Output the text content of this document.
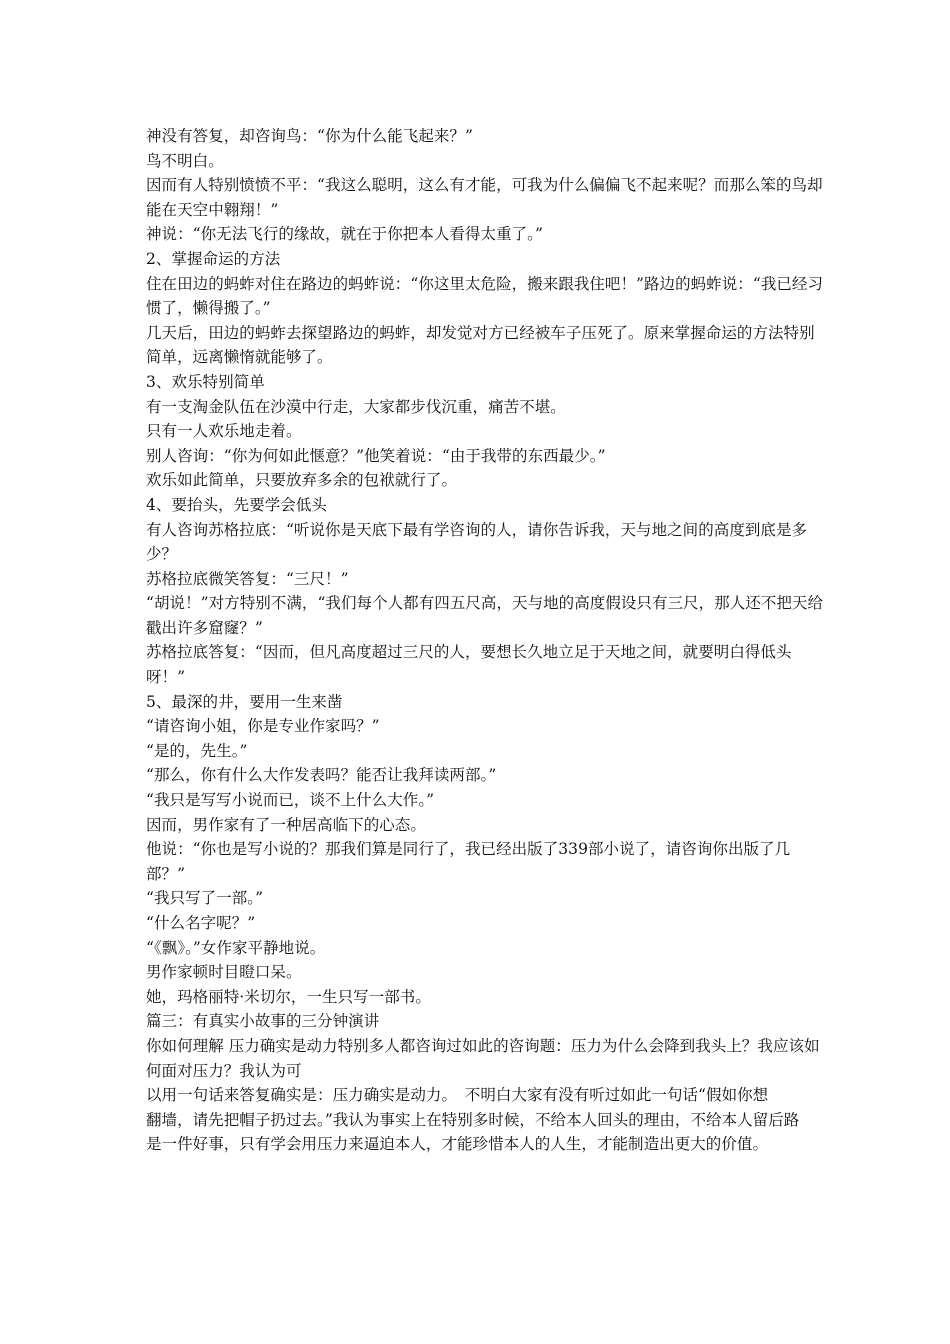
神没有答复，却咨询鸟：“你为什么能飞起来？”

鸟不明白。

因而有人特别愤愤不平：“我这么聪明，这么有才能，可我为什么偏偏飞不起来呢？而那么笨的鸟却能在天空中翱翔！”

神说：“你无法飞行的缘故，就在于你把本人看得太重了。”

2、掌握命运的方法

住在田边的蚂蚱对住在路边的蚂蚱说：“你这里太危险，搬来跟我住吧！”路边的蚂蚱说：“我已经习惯了，懒得搬了。”

几天后，田边的蚂蚱去探望路边的蚂蚱，却发觉对方已经被车子压死了。原来掌握命运的方法特别简单，远离懒惰就能够了。

3、欢乐特别简单

有一支淘金队伍在沙漠中行走，大家都步伐沉重，痛苦不堪。

只有一人欢乐地走着。

别人咨询：“你为何如此惬意？”他笑着说：“由于我带的东西最少。”

欢乐如此简单，只要放弃多余的包袱就行了。

4、要抬头，先要学会低头

有人咨询苏格拉底：“听说你是天底下最有学咨询的人，请你告诉我，天与地之间的高度到底是多少？

苏格拉底微笑答复：“三尺！”

“胡说！”对方特别不满，“我们每个人都有四五尺高，天与地的高度假设只有三尺，那人还不把天给戳出许多窟窿？”

苏格拉底答复：“因而，但凡高度超过三尺的人，要想长久地立足于天地之间，就要明白得低头呀！”

5、最深的井，要用一生来凿

“请咨询小姐，你是专业作家吗？”

“是的，先生。”

“那么，你有什么大作发表吗？能否让我拜读两部。”

“我只是写写小说而已，谈不上什么大作。”

因而，男作家有了一种居高临下的心态。

他说：“你也是写小说的？那我们算是同行了，我已经出版了339部小说了，请咨询你出版了几部？”

“我只写了一部。”

“什么名字呢？”

“《飘》。”女作家平静地说。

男作家顿时目瞪口呆。

她，玛格丽特·米切尔，一生只写一部书。

篇三：有真实小故事的三分钟演讲

你如何理解 压力确实是动力特别多人都咨询过如此的咨询题：压力为什么会降到我头上？我应该如何面对压力？我认为可

以用一句话来答复确实是：压力确实是动力。　不明白大家有没有听过如此一句话“假如你想

翻墙，请先把帽子扔过去。”我认为事实上在特别多时候，不给本人回头的理由，不给本人留后路

是一件好事，只有学会用压力来逼迫本人，才能珍惜本人的人生，才能制造出更大的价值。
